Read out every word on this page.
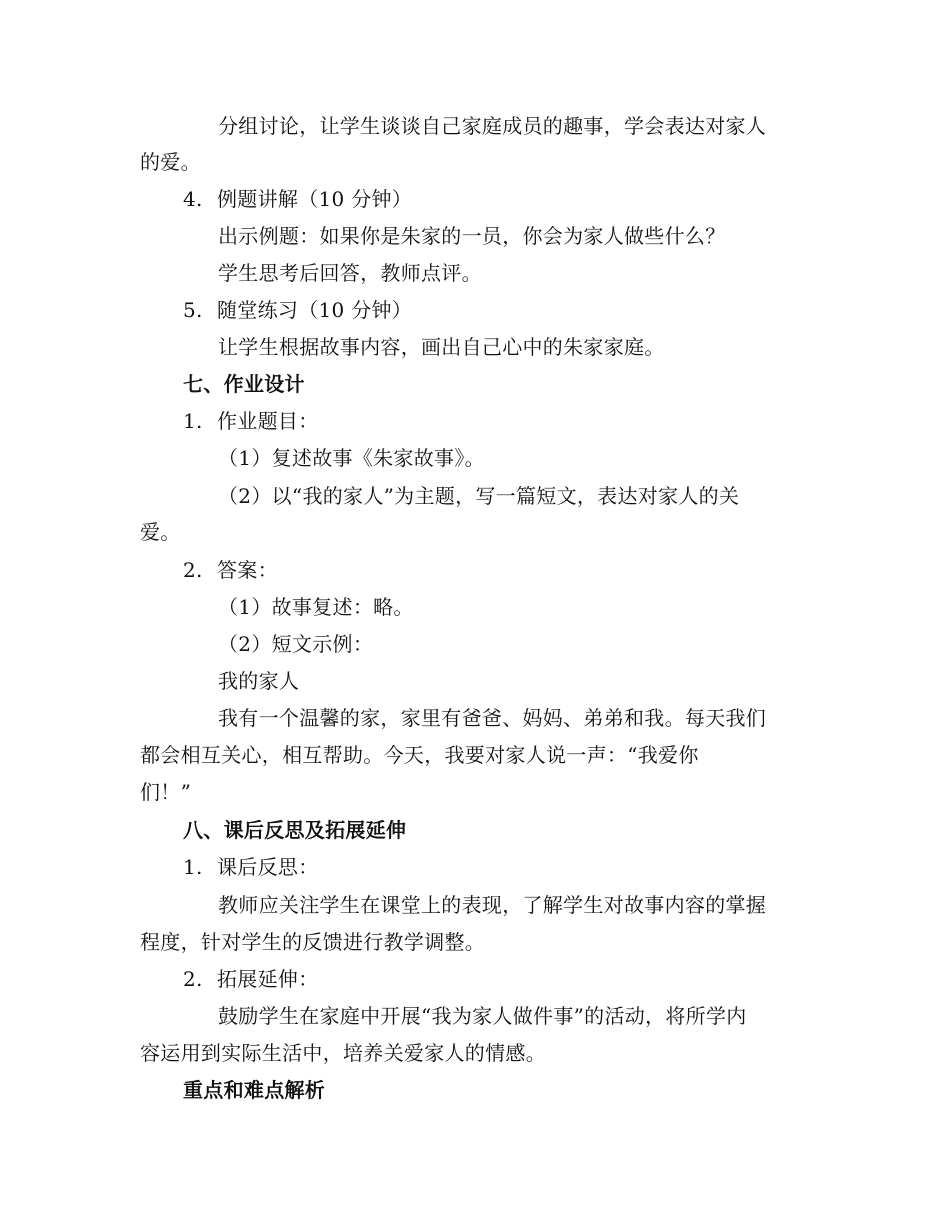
分组讨论，让学生谈谈自己家庭成员的趣事，学会表达对家人
的爱。
4. 例题讲解（10 分钟）
出示例题：如果你是朱家的一员，你会为家人做些什么？
学生思考后回答，教师点评。
5. 随堂练习（10 分钟）
让学生根据故事内容，画出自己心中的朱家家庭。
七、作业设计
1. 作业题目：
（1）复述故事《朱家故事》。
（2）以“我的家人”为主题，写一篇短文，表达对家人的关
爱。
2. 答案：
（1）故事复述：略。
（2）短文示例：
我的家人
我有一个温馨的家，家里有爸爸、妈妈、弟弟和我。每天我们
都会相互关心，相互帮助。今天，我要对家人说一声：“我爱你
们！”
八、课后反思及拓展延伸
1. 课后反思：
教师应关注学生在课堂上的表现，了解学生对故事内容的掌握
程度，针对学生的反馈进行教学调整。
2. 拓展延伸：
鼓励学生在家庭中开展“我为家人做件事”的活动，将所学内
容运用到实际生活中，培养关爱家人的情感。
重点和难点解析
